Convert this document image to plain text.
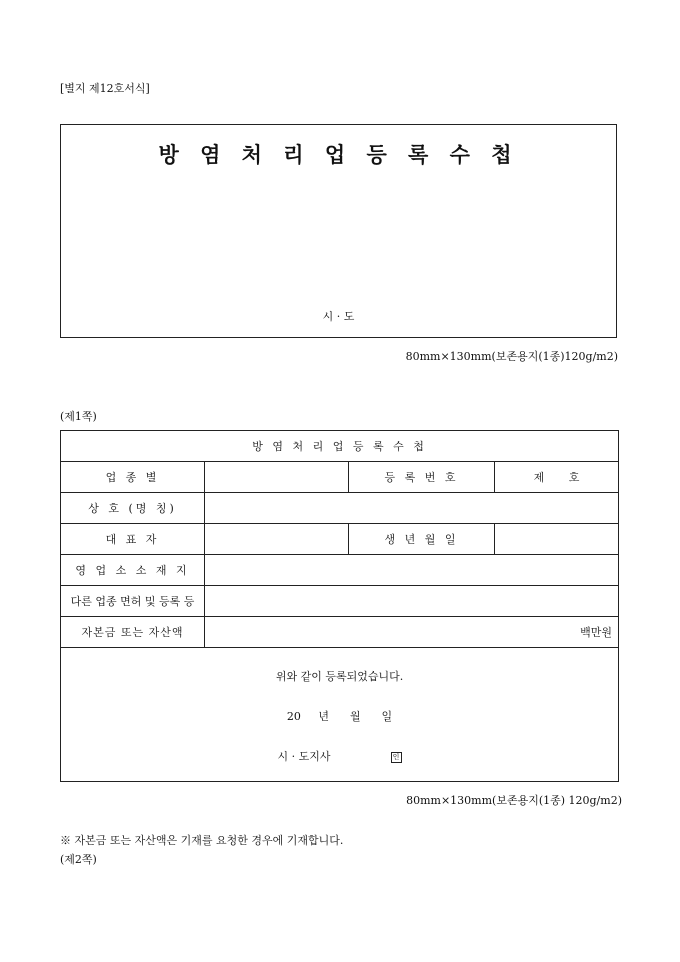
[별지 제12호서식]
방 염 처 리 업 등 록 수 첩
시 · 도
80mm×130mm(보존용지(1종)120g/m2)
(제1쪽)
방 염 처 리 업 등 록 수 첩			
업 종 별		등 록 번 호	제       호
상 호 (명 칭)			
대 표 자		생 년 월 일	
영 업 소 소 재 지			
다른 업종 면허 및 등록 등			
자본금 또는 자산액	백만원		

위와 같이 등록되었습니다.
20     년      월      일
시 · 도지사 인			
80mm×130mm(보존용지(1종) 120g/m2)
※ 자본금 또는 자산액은 기재를 요청한 경우에 기재합니다.
(제2쪽)
